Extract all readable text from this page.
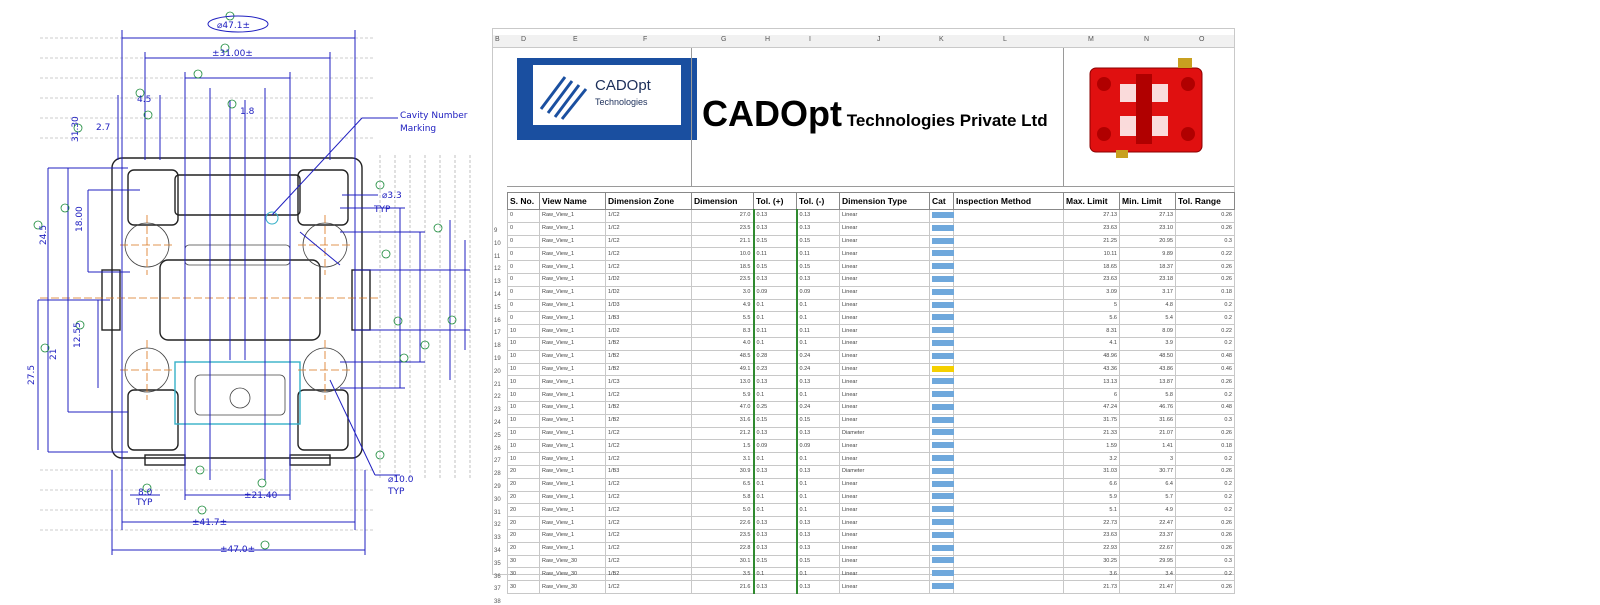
⌀47.1±
±31.00±
31.30 2.7
24.5
18.00
21
27.5
12.55
±21.40
±41.7±
±47.0±
8.0
4.5
1.8
⌀3.3
⌀10.0
TYP
TYP
TYP
Cavity Number
Marking
B	D	E	F	G	H	I	J	K	L	M	N	O
9
10
11
12
13
14
15
16
17
18
19
20
21
22
23
24
25
26
27
28
29
30
31
32
33
34
35
36
37
38
CADOpt
Technologies CADOpt Technologies Private Ltd
S. No.	View Name	Dimension Zone	Dimension	Tol. (+)	Tol. (-)	Dimension Type	Cat	Inspection Method	Max. Limit	Min. Limit	Tol. Range
0	Raw_View_1	1/C2	27.0	0.13	0.13	Linear			27.13	27.13	0.26
0	Raw_View_1	1/C2	23.5	0.13	0.13	Linear			23.63	23.10	0.26
0	Raw_View_1	1/C2	21.1	0.15	0.15	Linear			21.25	20.95	0.3
0	Raw_View_1	1/C2	10.0	0.11	0.11	Linear			10.11	9.89	0.22
0	Raw_View_1	1/C2	18.5	0.15	0.15	Linear			18.65	18.37	0.26
0	Raw_View_1	1/D2	23.5	0.13	0.13	Linear			23.63	23.18	0.26
0	Raw_View_1	1/D2	3.0	0.09	0.09	Linear			3.09	3.17	0.18
0	Raw_View_1	1/D3	4.9	0.1	0.1	Linear			5	4.8	0.2
0	Raw_View_1	1/B3	5.5	0.1	0.1	Linear			5.6	5.4	0.2
10	Raw_View_1	1/D2	8.3	0.11	0.11	Linear			8.31	8.09	0.22
10	Raw_View_1	1/B2	4.0	0.1	0.1	Linear			4.1	3.9	0.2
10	Raw_View_1	1/B2	48.5	0.28	0.24	Linear			48.96	48.50	0.48
10	Raw_View_1	1/B2	49.1	0.23	0.24	Linear			43.36	43.86	0.46
10	Raw_View_1	1/C3	13.0	0.13	0.13	Linear			13.13	13.87	0.26
10	Raw_View_1	1/C2	5.9	0.1	0.1	Linear			6	5.8	0.2
10	Raw_View_1	1/B2	47.0	0.25	0.24	Linear			47.24	46.76	0.48
10	Raw_View_1	1/B2	31.6	0.15	0.15	Linear			31.75	31.66	0.3
10	Raw_View_1	1/C2	21.2	0.13	0.13	Diameter			21.33	21.07	0.26
10	Raw_View_1	1/C2	1.5	0.09	0.09	Linear			1.59	1.41	0.18
10	Raw_View_1	1/C2	3.1	0.1	0.1	Linear			3.2	3	0.2
20	Raw_View_1	1/B3	30.9	0.13	0.13	Diameter			31.03	30.77	0.26
20	Raw_View_1	1/C2	6.5	0.1	0.1	Linear			6.6	6.4	0.2
20	Raw_View_1	1/C2	5.8	0.1	0.1	Linear			5.9	5.7	0.2
20	Raw_View_1	1/C2	5.0	0.1	0.1	Linear			5.1	4.9	0.2
20	Raw_View_1	1/C2	22.6	0.13	0.13	Linear			22.73	22.47	0.26
20	Raw_View_1	1/C2	23.5	0.13	0.13	Linear			23.63	23.37	0.26
20	Raw_View_1	1/C2	22.8	0.13	0.13	Linear			22.93	22.67	0.26
30	Raw_View_30	1/C2	30.1	0.15	0.15	Linear			30.25	29.95	0.3
30	Raw_View_30	1/B2	3.5	0.1	0.1	Linear			3.6	3.4	0.2
30	Raw_View_30	1/C2	21.6	0.13	0.13	Linear			21.73	21.47	0.26
